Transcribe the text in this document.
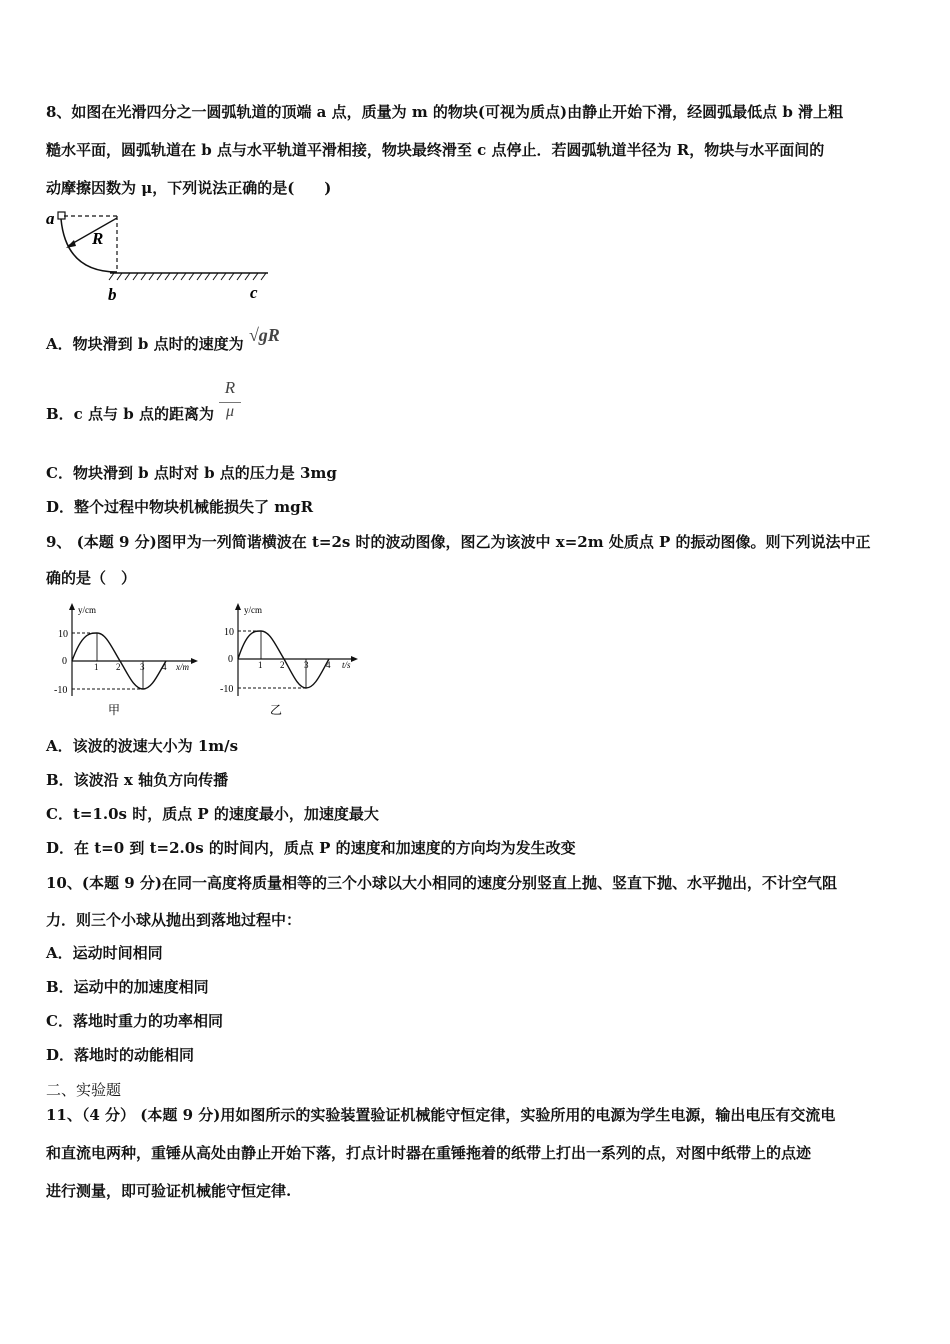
8、如图在光滑四分之一圆弧轨道的顶端 a 点，质量为 m 的物块(可视为质点)由静止开始下滑，经圆弧最低点 b 滑上粗
糙水平面，圆弧轨道在 b 点与水平轨道平滑相接，物块最终滑至 c 点停止．若圆弧轨道半径为 R，物块与水平面间的
动摩擦因数为 μ，下列说法正确的是(　　)
a
R
b	c
A．物块滑到 b 点时的速度为 √gR
B．c 点与 b 点的距离为
R
μ
C．物块滑到 b 点时对 b 点的压力是 3mg
D．整个过程中物块机械能损失了 mgR
9、 (本题 9 分)图甲为一列简谐横波在 t=2s 时的波动图像，图乙为该波中 x=2m 处质点 P 的振动图像。则下列说法中正
确的是（　）
y/cm
10
0
-10
1 2 3 4 x/m
甲
y/cm
10
0
-10
1 2 3 4 t/s
乙
A．该波的波速大小为 1m/s
B．该波沿 x 轴负方向传播
C．t=1.0s 时，质点 P 的速度最小，加速度最大
D．在 t=0 到 t=2.0s 的时间内，质点 P 的速度和加速度的方向均为发生改变
10、(本题 9 分)在同一高度将质量相等的三个小球以大小相同的速度分别竖直上抛、竖直下抛、水平抛出，不计空气阻
力．则三个小球从抛出到落地过程中：
A．运动时间相同
B．运动中的加速度相同
C．落地时重力的功率相同
D．落地时的动能相同
二、实验题
11、（4 分） (本题 9 分)用如图所示的实验装置验证机械能守恒定律，实验所用的电源为学生电源，输出电压有交流电
和直流电两种，重锤从高处由静止开始下落，打点计时器在重锤拖着的纸带上打出一系列的点，对图中纸带上的点迹
进行测量，即可验证机械能守恒定律.
